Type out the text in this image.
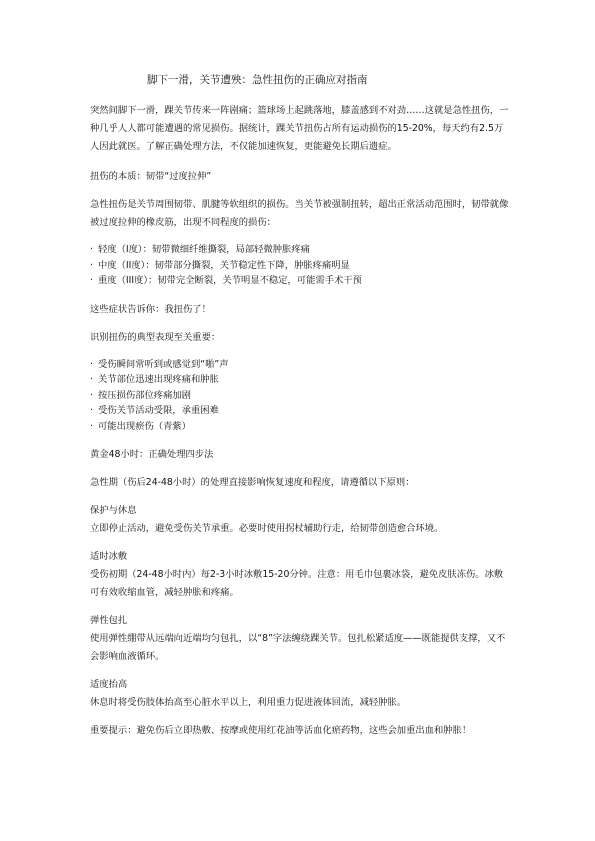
脚下一滑，关节遭殃：急性扭伤的正确应对指南

突然间脚下一滑，踝关节传来一阵剧痛；篮球场上起跳落地，膝盖感到不对劲……这就是急性扭伤，一种几乎人人都可能遭遇的常见损伤。据统计，踝关节扭伤占所有运动损伤的15-20%，每天约有2.5万人因此就医。了解正确处理方法，不仅能加速恢复，更能避免长期后遗症。

扭伤的本质：韧带“过度拉伸”

急性扭伤是关节周围韧带、肌腱等软组织的损伤。当关节被强制扭转，超出正常活动范围时，韧带就像被过度拉伸的橡皮筋，出现不同程度的损伤：

· 轻度（I度）：韧带微细纤维撕裂，局部轻微肿胀疼痛
· 中度（II度）：韧带部分撕裂，关节稳定性下降，肿胀疼痛明显
· 重度（III度）：韧带完全断裂，关节明显不稳定，可能需手术干预

这些症状告诉你：我扭伤了！

识别扭伤的典型表现至关重要：

· 受伤瞬间常听到或感觉到“啪”声
· 关节部位迅速出现疼痛和肿胀
· 按压损伤部位疼痛加剧
· 受伤关节活动受限，承重困难
· 可能出现瘀伤（青紫）

黄金48小时：正确处理四步法

急性期（伤后24-48小时）的处理直接影响恢复速度和程度，请遵循以下原则：

保护与休息

立即停止活动，避免受伤关节承重。必要时使用拐杖辅助行走，给韧带创造愈合环境。

适时冰敷

受伤初期（24-48小时内）每2-3小时冰敷15-20分钟。注意：用毛巾包裹冰袋，避免皮肤冻伤。冰敷可有效收缩血管，减轻肿胀和疼痛。

弹性包扎

使用弹性绷带从远端向近端均匀包扎，以“8”字法缠绕踝关节。包扎松紧适度——既能提供支撑，又不会影响血液循环。

适度抬高

休息时将受伤肢体抬高至心脏水平以上，利用重力促进液体回流，减轻肿胀。

重要提示：避免伤后立即热敷、按摩或使用红花油等活血化瘀药物，这些会加重出血和肿胀！
